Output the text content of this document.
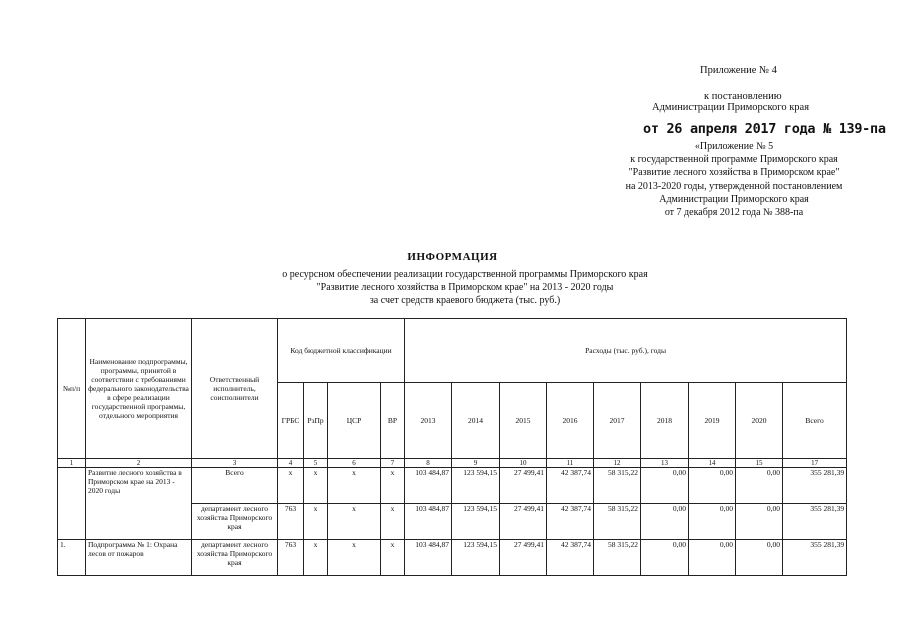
Приложение № 4
к постановлению
Администрации Приморского края
от 26 апреля 2017 года № 139-па
«Приложение № 5
к государственной программе Приморского края
"Развитие лесного хозяйства в Приморском крае"
на 2013-2020 годы, утвержденной постановлением
Администрации Приморского края
от 7 декабря 2012 года № 388-па
ИНФОРМАЦИЯ
о ресурсном обеспечении реализации государственной программы Приморского края
"Развитие лесного хозяйства в Приморском крае" на 2013 - 2020 годы
за счет средств краевого бюджета (тыс. руб.)
№п/п	Наименование подпрограммы, программы, принятой в соответствии с требованиями федерального законодательства в сфере реализации государственной программы, отдельного мероприятия	Ответственный исполнитель, соисполнители	Код бюджетной классификации				Расходы (тыс. руб.), годы								
			ГРБС	РзПр	ЦСР	ВР	2013	2014	2015	2016	2017	2018	2019	2020	Всего
1	2	3	4	5	6	7	8	9	10	11	12	13	14	15	17
	Развитие лесного хозяйства в Приморском крае на 2013 - 2020 годы	Всего	х	х	х	х	103 484,87	123 594,15	27 499,41	42 387,74	58 315,22	0,00	0,00	0,00	355 281,39
		департамент лесного хозяйства Приморского края	763	х	х	х	103 484,87	123 594,15	27 499,41	42 387,74	58 315,22	0,00	0,00	0,00	355 281,39
1.	Подпрограмма № 1: Охрана лесов от пожаров	департамент лесного хозяйства Приморского края	763	х	х	х	103 484,87	123 594,15	27 499,41	42 387,74	58 315,22	0,00	0,00	0,00	355 281,39
